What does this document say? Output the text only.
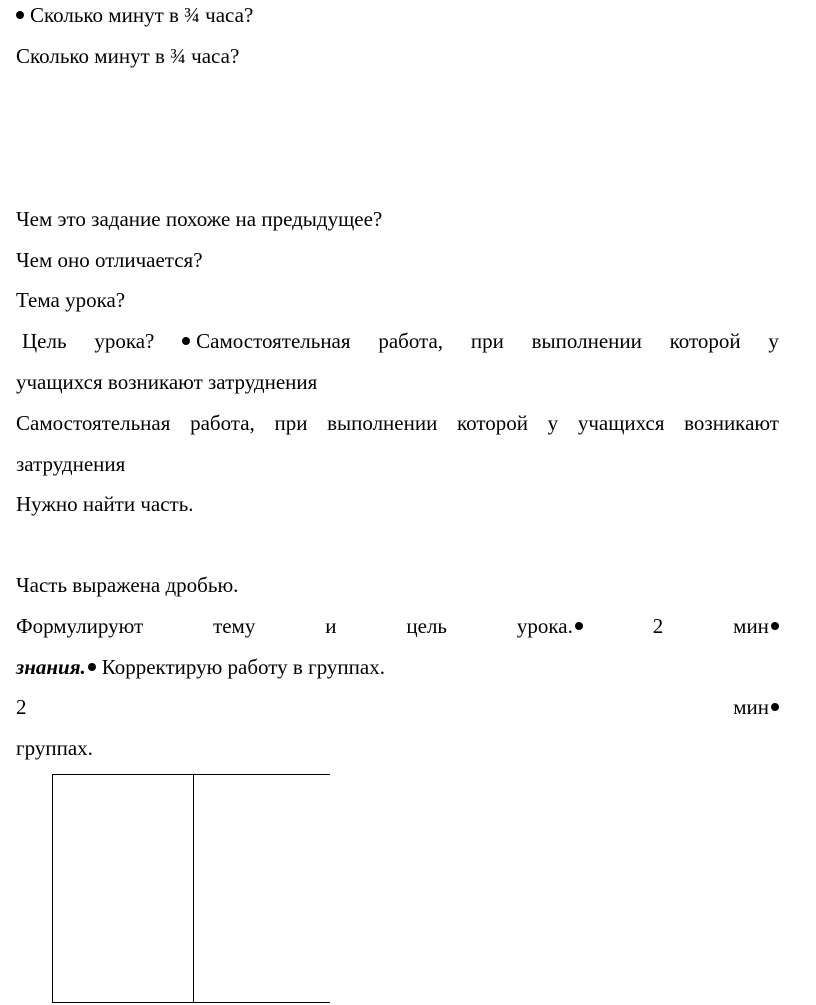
Сколько минут в ¾ часа?
Сколько минут в ¾ часа?
Чем это задание похоже на предыдущее?
Чем оно отличается?
Тема урока?
Цель урока?	Самостоятельная работа, при выполнении которой у
учащихся возникают затруднения
Самостоятельная работа, при выполнении которой у учащихся возникают
затруднения
Нужно найти часть.
Часть выражена дробью.
Формулируют	тему	и	цель	урока.	2	мин
знания. Корректирую работу в группах.
2	мин
группах.
